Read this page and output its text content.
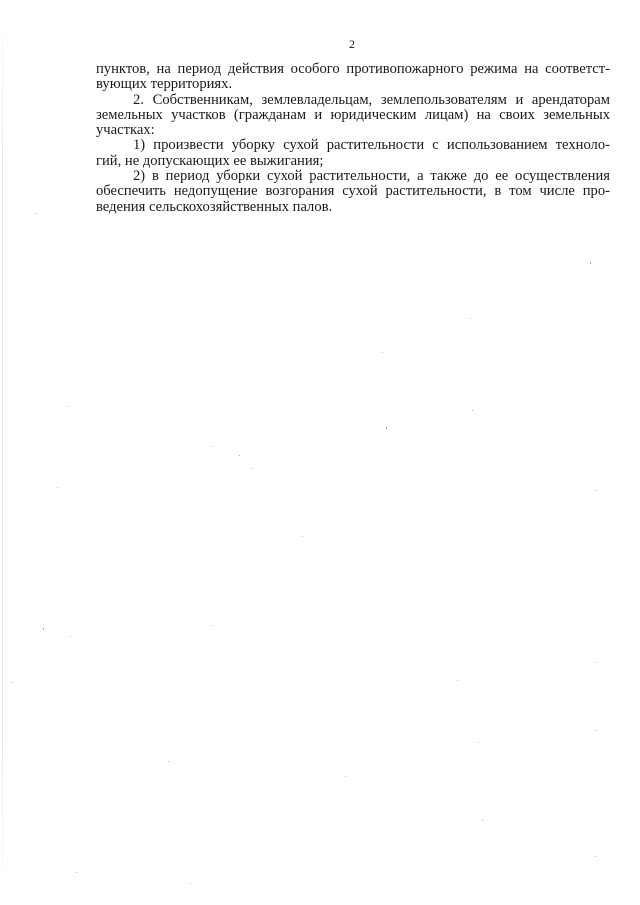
2
пунктов, на период действия особого противопожарного режима на соответст-
вующих территориях.
2. Собственникам, землевладельцам, землепользователям и арендаторам
земельных участков (гражданам и юридическим лицам) на своих земельных
участках:
1) произвести уборку сухой растительности с использованием техноло-
гий, не допускающих ее выжигания;
2) в период уборки сухой растительности, а также до ее осуществления
обеспечить недопущение возгорания сухой растительности, в том числе про-
ведения сельскохозяйственных палов.
